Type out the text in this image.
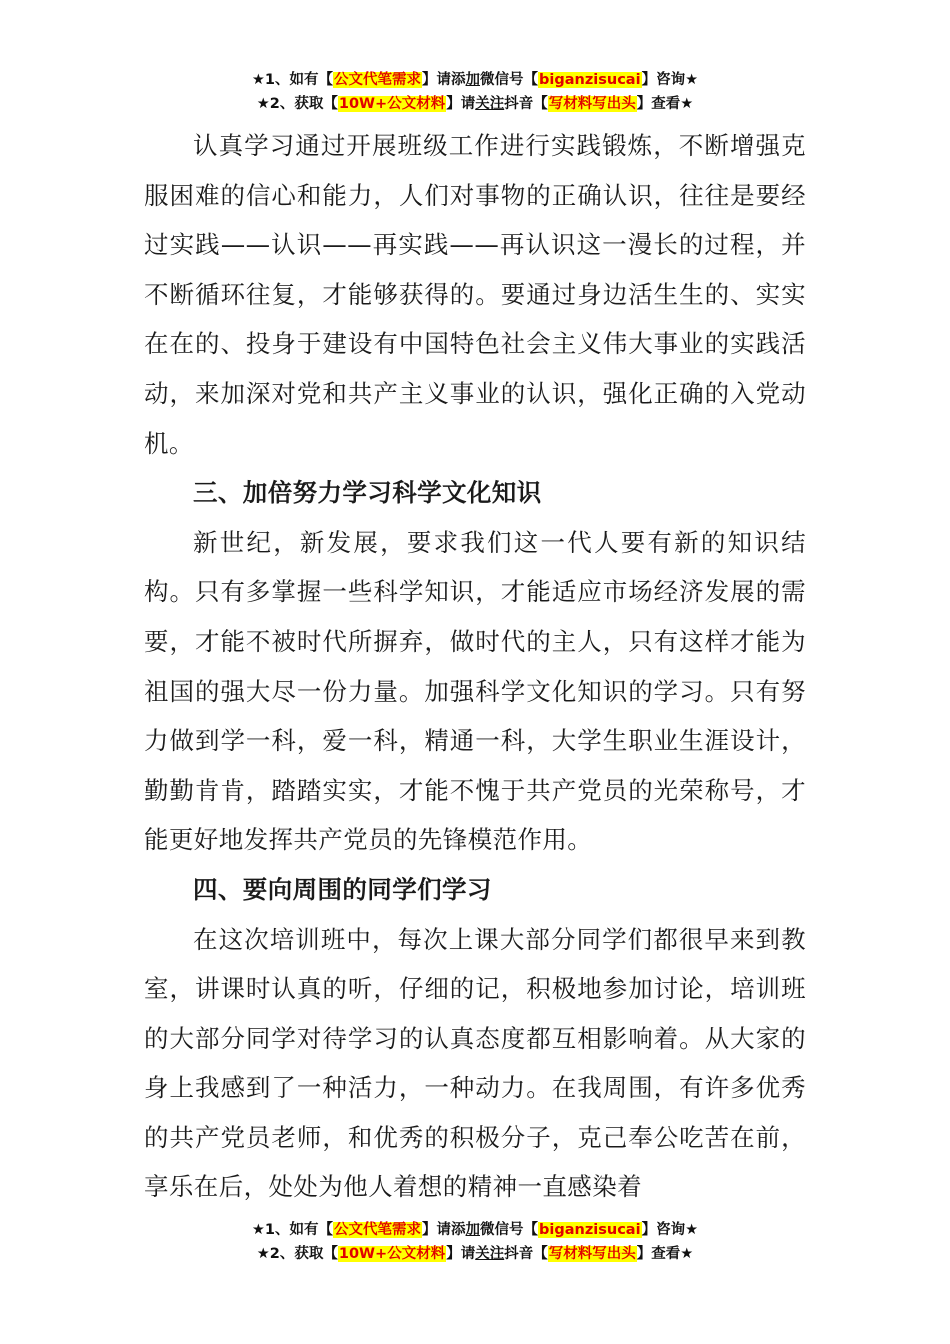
★1、如有【公文代笔需求】请添加微信号【biganzisucai】咨询★
★2、获取【10W+公文材料】请关注抖音【写材料写出头】查看★

认真学习通过开展班级工作进行实践锻炼，不断增强克服困难的信心和能力，人们对事物的正确认识，往往是要经过实践——认识——再实践——再认识这一漫长的过程，并不断循环往复，才能够获得的。要通过身边活生生的、实实在在的、投身于建设有中国特色社会主义伟大事业的实践活动，来加深对党和共产主义事业的认识，强化正确的入党动机。

三、加倍努力学习科学文化知识

新世纪，新发展，要求我们这一代人要有新的知识结构。只有多掌握一些科学知识，才能适应市场经济发展的需要，才能不被时代所摒弃，做时代的主人，只有这样才能为祖国的强大尽一份力量。加强科学文化知识的学习。只有努力做到学一科，爱一科，精通一科，大学生职业生涯设计，勤勤肯肯，踏踏实实，才能不愧于共产党员的光荣称号，才能更好地发挥共产党员的先锋模范作用。

四、要向周围的同学们学习

在这次培训班中，每次上课大部分同学们都很早来到教室，讲课时认真的听，仔细的记，积极地参加讨论，培训班的大部分同学对待学习的认真态度都互相影响着。从大家的身上我感到了一种活力，一种动力。在我周围，有许多优秀的共产党员老师，和优秀的积极分子，克己奉公吃苦在前，享乐在后，处处为他人着想的精神一直感染着

★1、如有【公文代笔需求】请添加微信号【biganzisucai】咨询★
★2、获取【10W+公文材料】请关注抖音【写材料写出头】查看★
